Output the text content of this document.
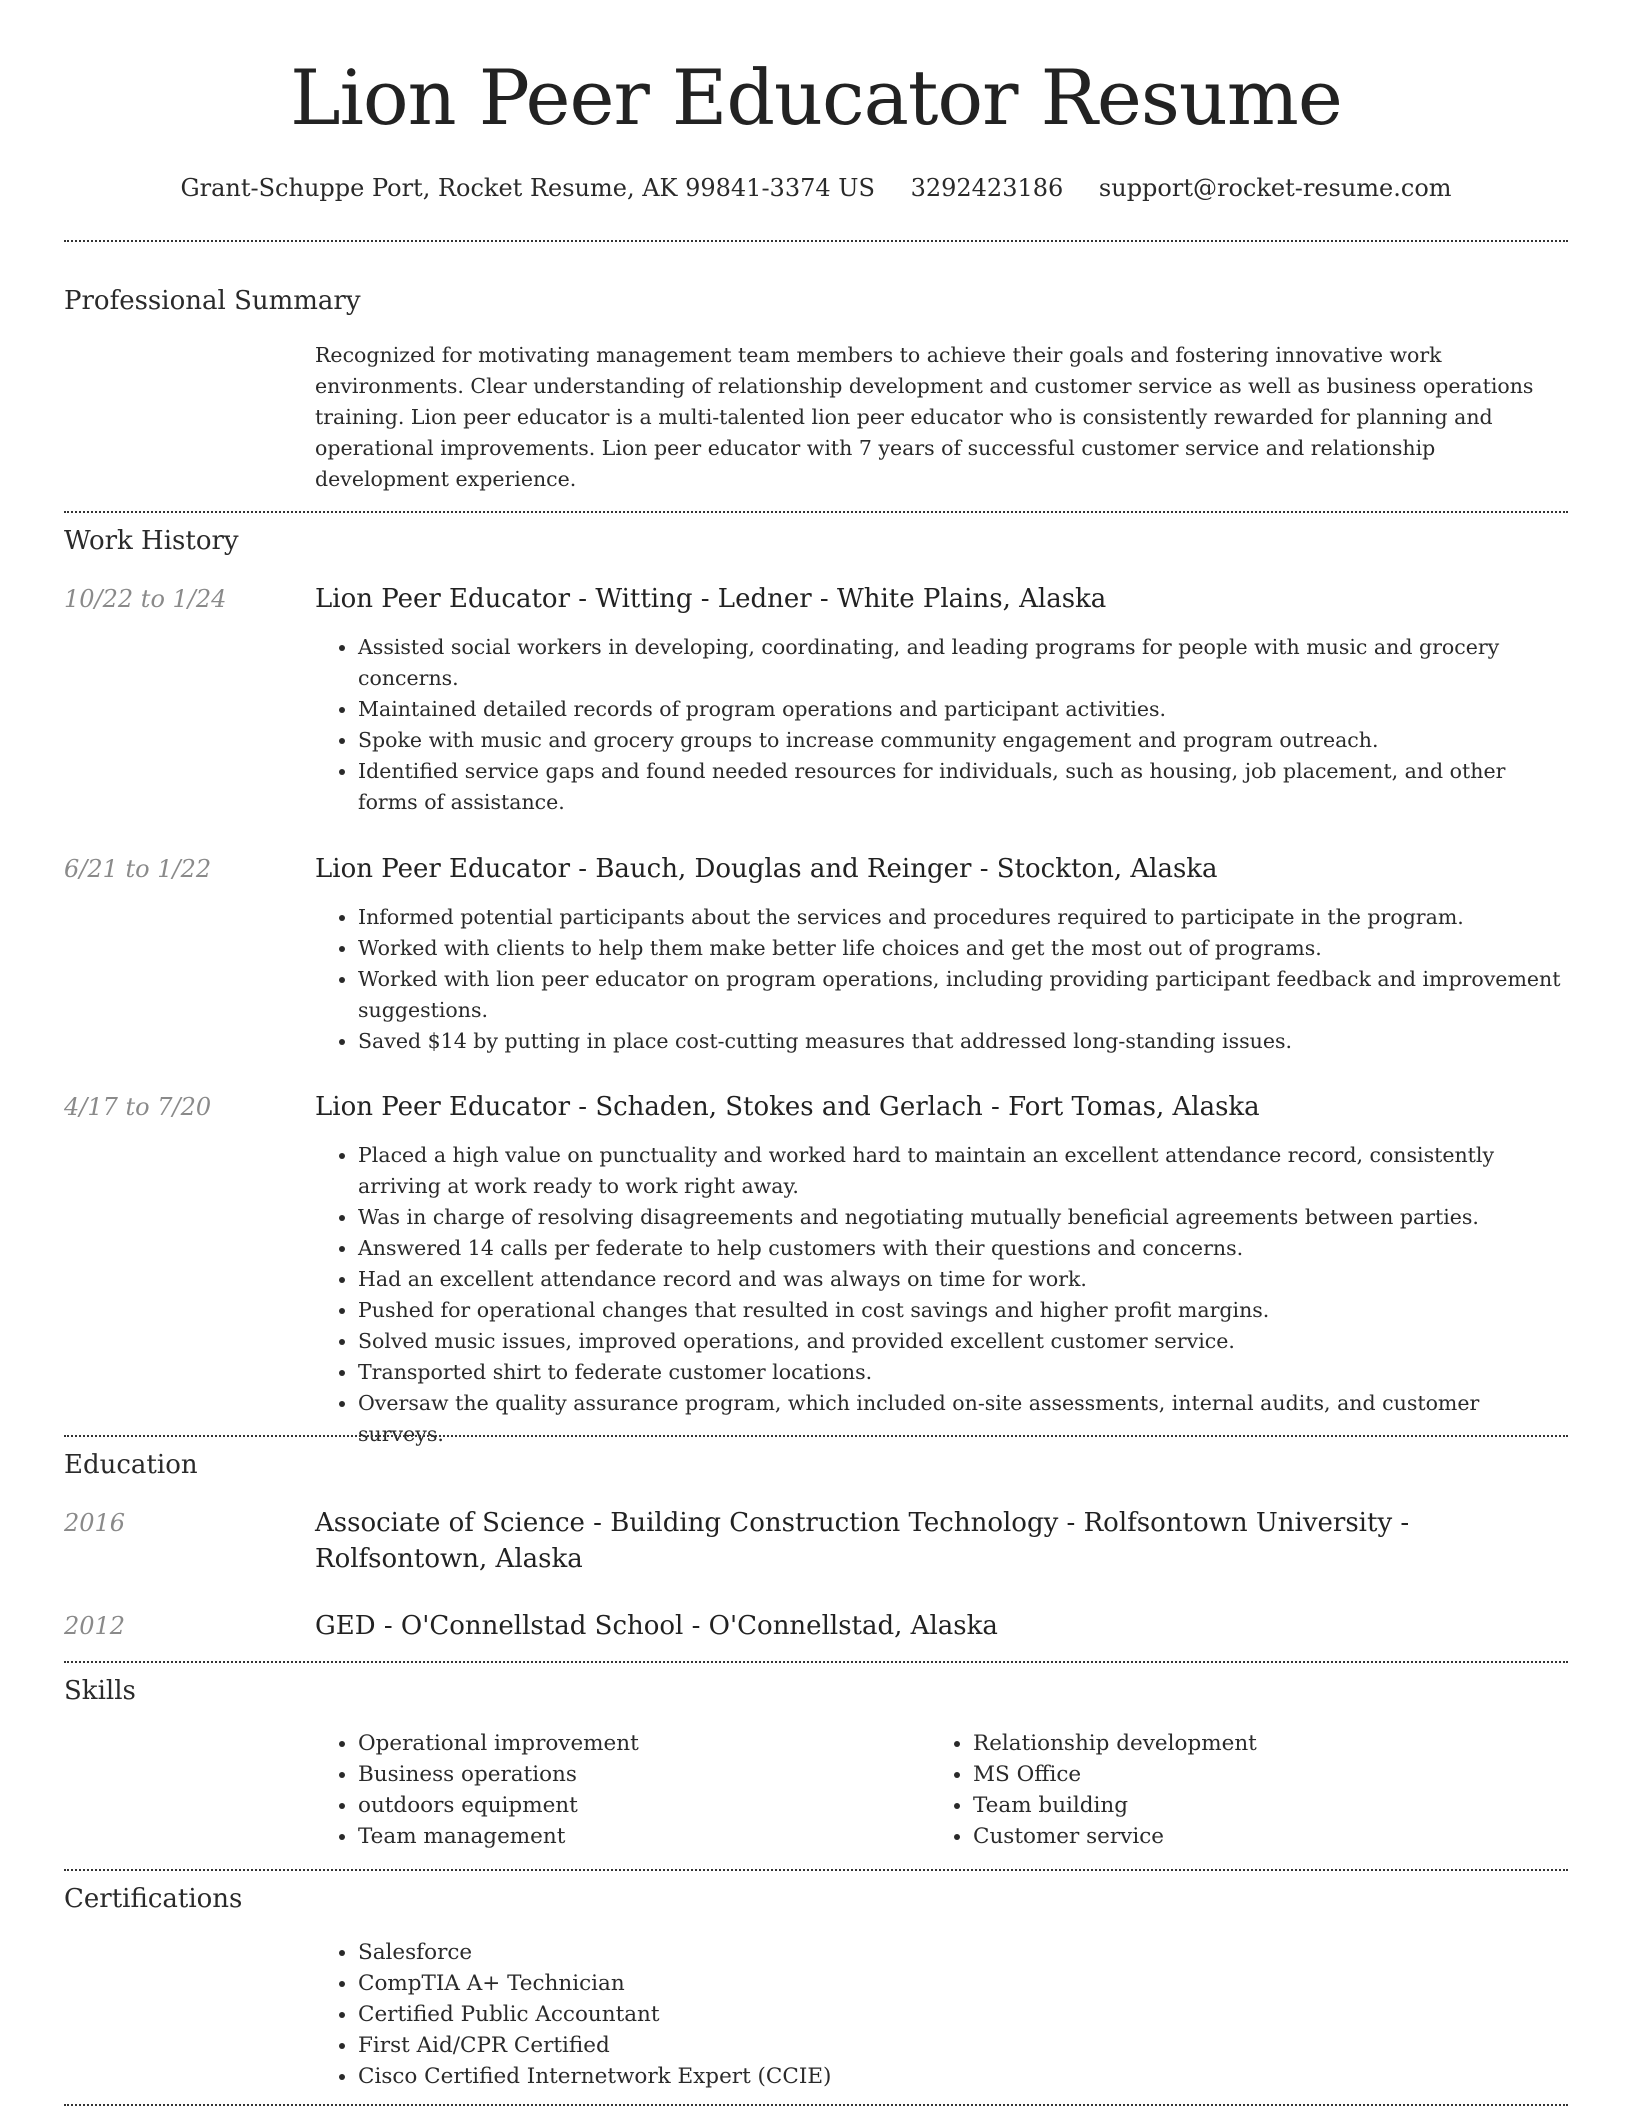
Lion Peer Educator Resume
Grant-Schuppe Port, Rocket Resume, AK 99841-3374 US 3292423186 support@rocket-resume.com
Professional Summary

Recognized for motivating management team members to achieve their goals and fostering innovative work environments. Clear understanding of relationship development and customer service as well as business operations training. Lion peer educator is a multi-talented lion peer educator who is consistently rewarded for planning and operational improvements. Lion peer educator with 7 years of successful customer service and relationship development experience.

Work History
10/22 to 1/24	Lion Peer Educator - Witting - Ledner - White Plains, Alaska
• Assisted social workers in developing, coordinating, and leading programs for people with music and grocery concerns.
• Maintained detailed records of program operations and participant activities.
• Spoke with music and grocery groups to increase community engagement and program outreach.
• Identified service gaps and found needed resources for individuals, such as housing, job placement, and other forms of assistance.
6/21 to 1/22	Lion Peer Educator - Bauch, Douglas and Reinger - Stockton, Alaska
• Informed potential participants about the services and procedures required to participate in the program.
• Worked with clients to help them make better life choices and get the most out of programs.
• Worked with lion peer educator on program operations, including providing participant feedback and improvement suggestions.
• Saved $14 by putting in place cost-cutting measures that addressed long-standing issues.
4/17 to 7/20	Lion Peer Educator - Schaden, Stokes and Gerlach - Fort Tomas, Alaska
• Placed a high value on punctuality and worked hard to maintain an excellent attendance record, consistently arriving at work ready to work right away.
• Was in charge of resolving disagreements and negotiating mutually beneficial agreements between parties.
• Answered 14 calls per federate to help customers with their questions and concerns.
• Had an excellent attendance record and was always on time for work.
• Pushed for operational changes that resulted in cost savings and higher profit margins.
• Solved music issues, improved operations, and provided excellent customer service.
• Transported shirt to federate customer locations.
• Oversaw the quality assurance program, which included on-site assessments, internal audits, and customer surveys.
Education
2016	Associate of Science - Building Construction Technology - Rolfsontown University - Rolfsontown, Alaska
2012	GED - O'Connellstad School - O'Connellstad, Alaska
Skills
• Operational improvement
• Business operations
• outdoors equipment
• Team management
• Relationship development
• MS Office
• Team building
• Customer service
Certifications
• Salesforce
• CompTIA A+ Technician
• Certified Public Accountant
• First Aid/CPR Certified
• Cisco Certified Internetwork Expert (CCIE)
